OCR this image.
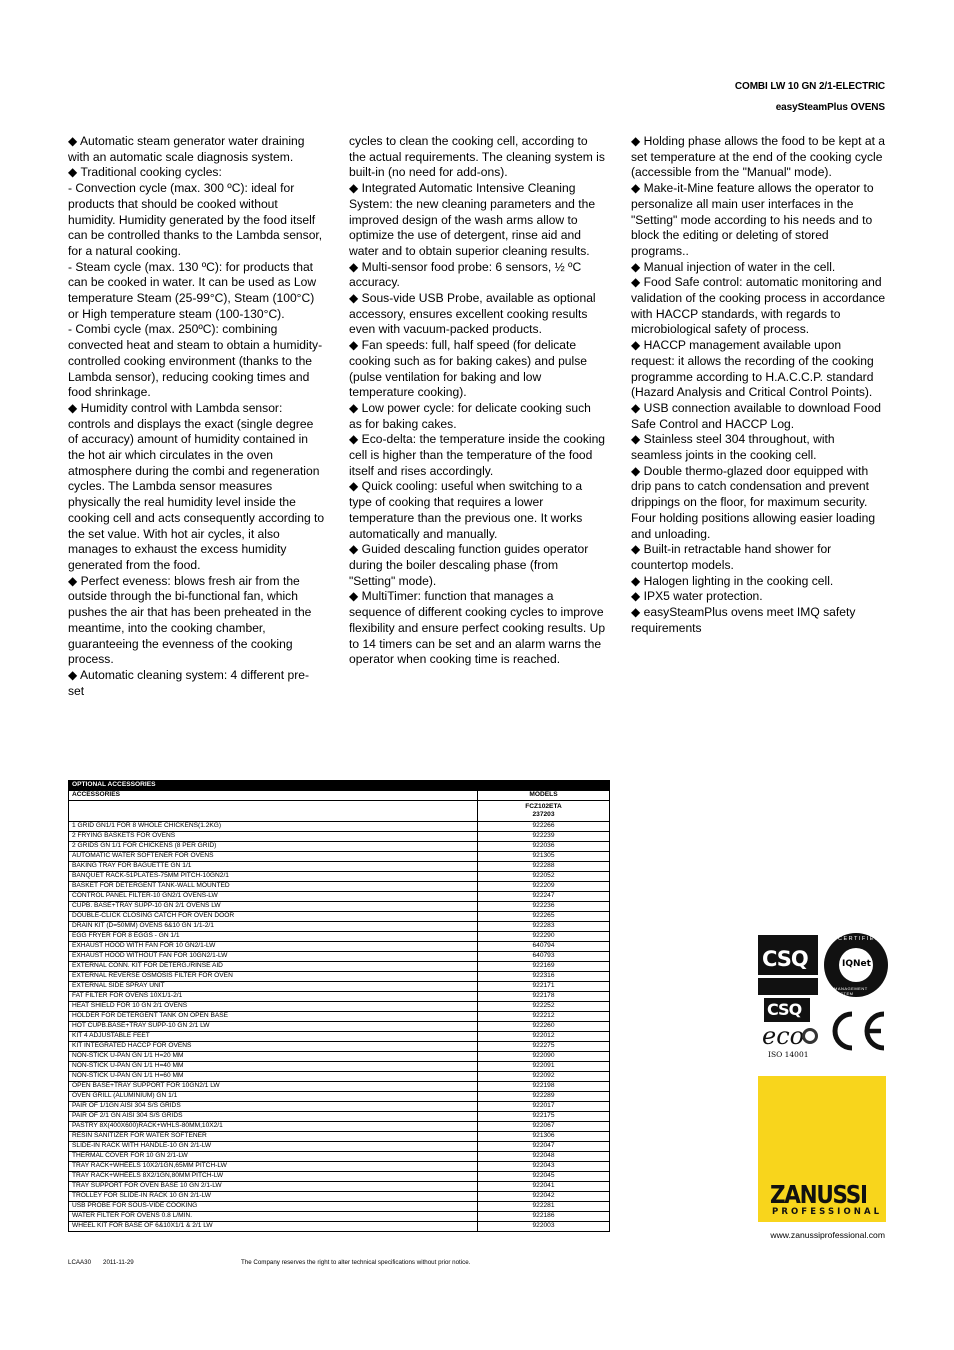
COMBI LW 10 GN 2/1-ELECTRIC
easySteamPlus OVENS

◆ Automatic steam generator water draining with an automatic scale diagnosis system.

◆ Traditional cooking cycles:

- Convection cycle (max. 300 ºC): ideal for products that should be cooked without humidity. Humidity generated by the food itself can be controlled thanks to the Lambda sensor, for a natural cooking.

- Steam cycle (max. 130 ºC): for products that can be cooked in water. It can be used as Low temperature Steam (25-99°C), Steam (100°C) or High temperature steam (100-130°C).

- Combi cycle (max. 250ºC): combining convected heat and steam to obtain a humidity-controlled cooking environment (thanks to the Lambda sensor), reducing cooking times and food shrinkage.

◆ Humidity control with Lambda sensor: controls and displays the exact (single degree of accuracy) amount of humidity contained in the hot air which circulates in the oven atmosphere during the combi and regeneration cycles. The Lambda sensor measures physically the real humidity level inside the cooking cell and acts consequently according to the set value. With hot air cycles, it also manages to exhaust the excess humidity generated from the food.

◆ Perfect eveness: blows fresh air from the outside through the bi-functional fan, which pushes the air that has been preheated in the meantime, into the cooking chamber, guaranteeing the evenness of the cooking process.

◆ Automatic cleaning system: 4 different pre-set

cycles to clean the cooking cell, according to the actual requirements. The cleaning system is built-in (no need for add-ons).

◆ Integrated Automatic Intensive Cleaning System: the new cleaning parameters and the improved design of the wash arms allow to optimize the use of detergent, rinse aid and water and to obtain superior cleaning results.

◆ Multi-sensor food probe: 6 sensors, ½ ºC accuracy.

◆ Sous-vide USB Probe, available as optional accessory, ensures excellent cooking results even with vacuum-packed products.

◆ Fan speeds: full, half speed (for delicate cooking such as for baking cakes) and pulse (pulse ventilation for baking and low temperature cooking).

◆ Low power cycle: for delicate cooking such as for baking cakes.

◆ Eco-delta: the temperature inside the cooking cell is higher than the temperature of the food itself and rises accordingly.

◆ Quick cooling: useful when switching to a type of cooking that requires a lower temperature than the previous one. It works automatically and manually.

◆ Guided descaling function guides operator during the boiler descaling phase (from "Setting" mode).

◆ MultiTimer: function that manages a sequence of different cooking cycles to improve flexibility and ensure perfect cooking results. Up to 14 timers can be set and an alarm warns the operator when cooking time is reached.

◆ Holding phase allows the food to be kept at a set temperature at the end of the cooking cycle (accessible from the "Manual" mode).

◆ Make-it-Mine feature allows the operator to personalize all main user interfaces in the "Setting" mode according to his needs and to block the editing or deleting of stored programs..

◆ Manual injection of water in the cell.

◆ Food Safe control: automatic monitoring and validation of the cooking process in accordance with HACCP standards, with regards to microbiological safety of process.

◆ HACCP management available upon request: it allows the recording of the cooking programme according to H.A.C.C.P. standard (Hazard Analysis and Critical Control Points).

◆ USB connection available to download Food Safe Control and HACCP Log.

◆ Stainless steel 304 throughout, with seamless joints in the cooking cell.

◆ Double thermo-glazed door equipped with drip pans to catch condensation and prevent drippings on the floor, for maximum security. Four holding positions allowing easier loading and unloading.

◆ Built-in retractable hand shower for countertop models.

◆ Halogen lighting in the cooking cell.

◆ IPX5 water protection.

◆ easySteamPlus ovens meet IMQ safety requirements

OPTIONAL ACCESSORIES	
ACCESSORIES	MODELS
	FCZ102ETA
237203
1 GRID GN1/1 FOR 8 WHOLE CHICKENS(1.2KG)	922266
2 FRYING BASKETS FOR OVENS	922239
2 GRIDS GN 1/1 FOR CHICKENS (8 PER GRID)	922036
AUTOMATIC WATER SOFTENER FOR OVENS	921305
BAKING TRAY FOR BAGUETTE GN 1/1	922288
BANQUET RACK-51PLATES-75MM PITCH-10GN2/1	922052
BASKET FOR DETERGENT TANK-WALL MOUNTED	922209
CONTROL PANEL FILTER-10 GN2/1 OVENS-LW	922247
CUPB. BASE+TRAY SUPP-10 GN 2/1 OVENS LW	922236
DOUBLE-CLICK CLOSING CATCH FOR OVEN DOOR	922265
DRAIN KIT (D=50MM) OVENS 6&10 GN 1/1-2/1	922283
EGG FRYER FOR 8 EGGS - GN 1/1	922290
EXHAUST HOOD WITH FAN FOR 10 GN2/1-LW	640794
EXHAUST HOOD WITHOUT FAN FOR 10GN2/1-LW	640793
EXTERNAL CONN. KIT FOR DETERG./RINSE AID	922169
EXTERNAL REVERSE OSMOSIS FILTER FOR OVEN	922316
EXTERNAL SIDE SPRAY UNIT	922171
FAT FILTER FOR OVENS 10X1/1-2/1	922178
HEAT SHIELD FOR 10 GN 2/1 OVENS	922252
HOLDER FOR DETERGENT TANK ON OPEN BASE	922212
HOT CUPB.BASE+TRAY SUPP-10 GN 2/1 LW	922260
KIT 4 ADJUSTABLE FEET	922012
KIT INTEGRATED HACCP FOR OVENS	922275
NON-STICK U-PAN GN 1/1 H=20 MM	922090
NON-STICK U-PAN GN 1/1 H=40 MM	922091
NON-STICK U-PAN GN 1/1 H=60 MM	922092
OPEN BASE+TRAY SUPPORT FOR 10GN2/1 LW	922198
OVEN GRILL (ALUMINIUM) GN 1/1	922289
PAIR OF 1/1GN AISI 304 S/S GRIDS	922017
PAIR OF 2/1 GN AISI 304 S/S GRIDS	922175
PASTRY 8X(400X600)RACK+WHLS-80MM,10X2/1	922067
RESIN SANITIZER FOR WATER SOFTENER	921306
SLIDE-IN RACK WITH HANDLE-10 GN 2/1-LW	922047
THERMAL COVER FOR 10 GN 2/1-LW	922048
TRAY RACK+WHEELS 10X2/1GN,65MM PITCH-LW	922043
TRAY RACK+WHEELS 8X2/1GN,80MM PITCH-LW	922045
TRAY SUPPORT FOR OVEN BASE 10 GN 2/1-LW	922041
TROLLEY FOR SLIDE-IN RACK 10 GN 2/1-LW	922042
USB PROBE FOR SOUS-VIDE COOKING	922281
WATER FILTER FOR OVENS 0.8 L/MIN.	922186
WHEEL KIT FOR BASE OF 6&10X1/1 & 2/1 LW	922003
CSQ
CERTIFIED
IQNet
MANAGEMENT SYSTEM
CSQ
eco
ISO 14001
ZANUSSI
PROFESSIONAL
www.zanussiprofessional.com
LCAA30 2011-11-29	The Company reserves the right to alter technical specifications without prior notice.
